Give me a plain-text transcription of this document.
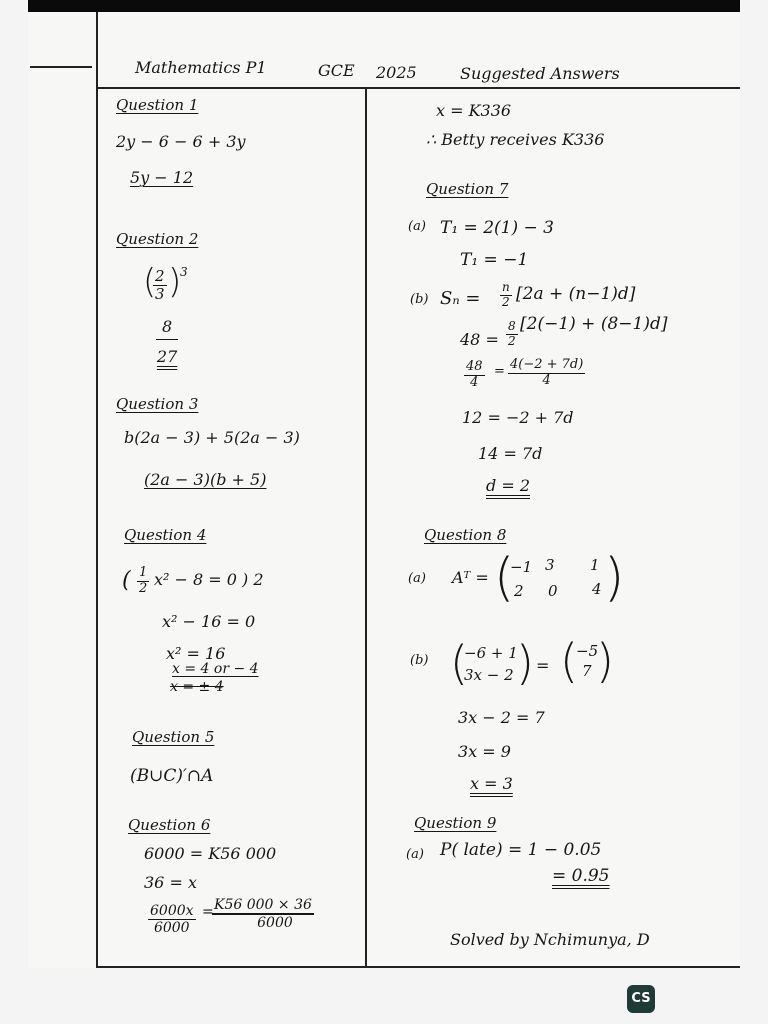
Mathematics P1	GCE 2025	Suggested Answers
Question 1
2y − 6 − 6 + 3y
5y − 12
Question 2
(
$\frac{2}{3}$ )
3
$\frac{8}{27}$
Question 3
b(2a − 3) + 5(2a − 3)
(2a − 3)(b + 5)
Question 4
( $\frac{1}{2} x^2 - 8 = 0$ ) 2
x² − 16 = 0
x² = 16
x = 4 or − 4
x = ± 4
Question 5
(B∪C)′∩A
Question 6
6000 = K56 000
36 = x
$\frac{6000x}{6000}$ =
$\frac{K56 000 \times 36}{6000}$
x = K336
∴ Betty receives K336
Question 7
(a) T₁ = 2(1) − 3
T₁ = −1
(b) $S_n = \frac{n}{2} [2a + (n-1)d]$
$48 = \frac{8}{2} [2(-1) + (8-1)d]$
$\frac{48}{4} = \frac{4(-2 + 7d)}{4}$
12 = −2 + 7d
14 = 7d
d = 2
Question 8
(a) Aᵀ = (
−1 3 1
2 0 4 )
(b) (
−6 + 1
3x − 2 ) = (
−5
7 )
3x − 2 = 7
3x = 9
x = 3
Question 9
(a) P( late) = 1 − 0.05
= 0.95
Solved by Nchimunya, D
CS
